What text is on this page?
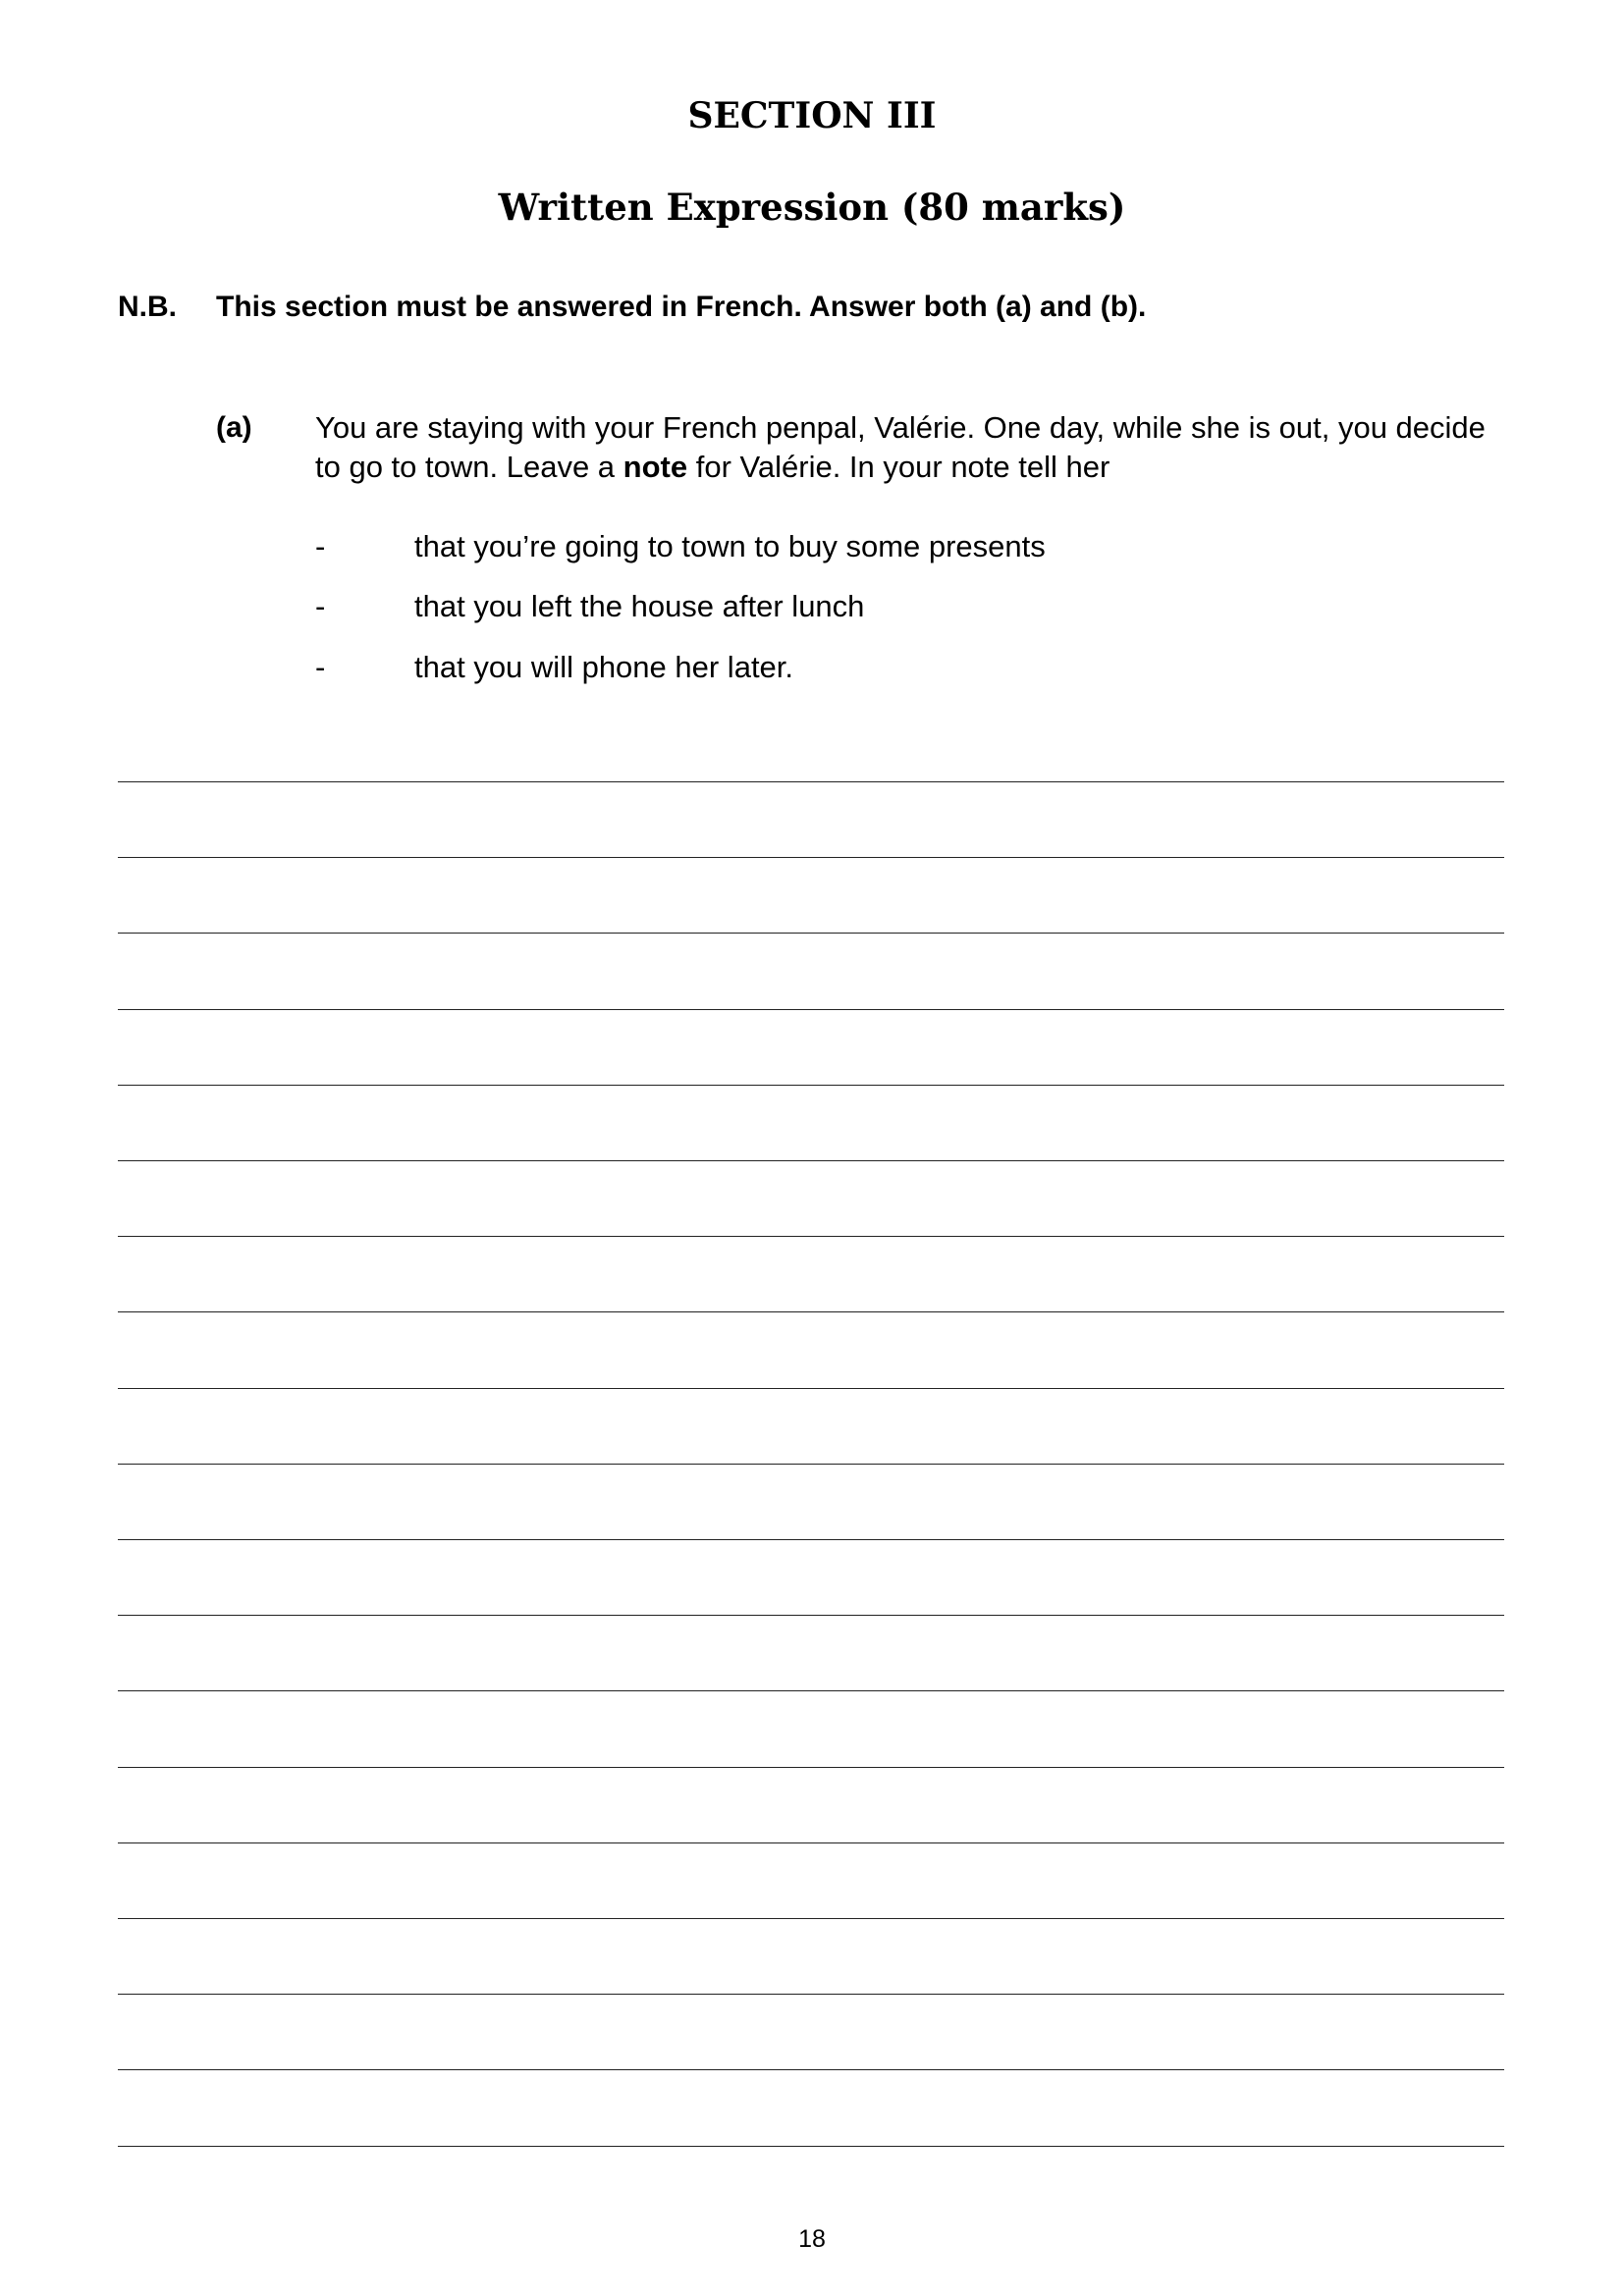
SECTION III
Written Expression (80 marks)
N.B. This section must be answered in French. Answer both (a) and (b).
(a) You are staying with your French penpal, Valérie. One day, while she is out, you decide to go to town. Leave a note for Valérie. In your note tell her
-	that you’re going to town to buy some presents
-	that you left the house after lunch
-	that you will phone her later.
18
